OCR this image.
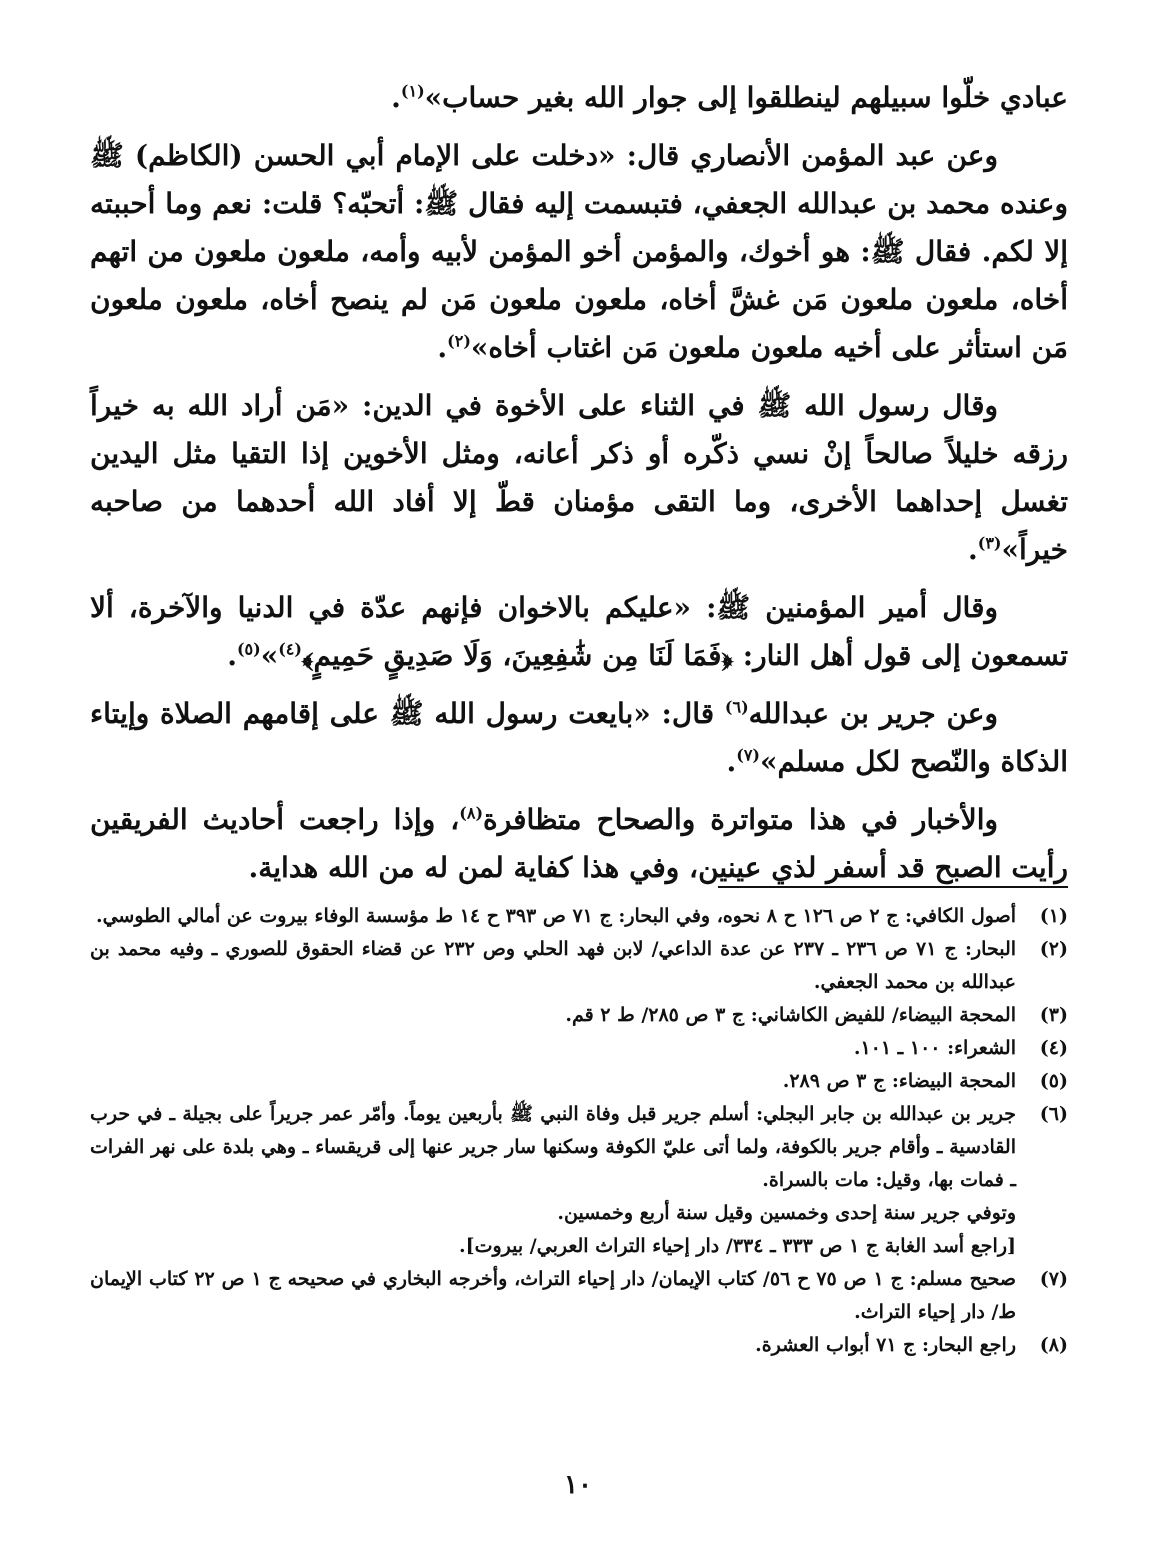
عبادي خلّوا سبيلهم لينطلقوا إلى جوار الله بغير حساب»$^{(١)}$.

وعن عبد المؤمن الأنصاري قال: «دخلت على الإمام أبي الحسن (الكاظم) ﷺ وعنده محمد بن عبدالله الجعفي، فتبسمت إليه فقال ﷺ: أتحبّه؟ قلت: نعم وما أحببته إلا لكم. فقال ﷺ: هو أخوك، والمؤمن أخو المؤمن لأبيه وأمه، ملعون ملعون من اتهم أخاه، ملعون ملعون مَن غشَّ أخاه، ملعون ملعون مَن لم ينصح أخاه، ملعون ملعون مَن استأثر على أخيه ملعون ملعون مَن اغتاب أخاه»$^{(٢)}$.

وقال رسول الله ﷺ في الثناء على الأخوة في الدين: «مَن أراد الله به خيراً رزقه خليلاً صالحاً إنْ نسي ذكّره أو ذكر أعانه، ومثل الأخوين إذا التقيا مثل اليدين تغسل إحداهما الأخرى، وما التقى مؤمنان قطّ إلا أفاد الله أحدهما من صاحبه خيراً»$^{(٣)}$.

وقال أمير المؤمنين ﷺ: «عليكم بالاخوان فإنهم عدّة في الدنيا والآخرة، ألا تسمعون إلى قول أهل النار: ﴿فَمَا لَنَا مِن شَٰفِعِينَ، وَلَا صَدِيقٍ حَمِيمٍ﴾$^{(٤)}$»$^{(٥)}$.

وعن جرير بن عبدالله$^{(٦)}$ قال: «بايعت رسول الله ﷺ على إقامهم الصلاة وإيتاء الذكاة والنّصح لكل مسلم»$^{(٧)}$.

والأخبار في هذا متواترة والصحاح متظافرة$^{(٨)}$، وإذا راجعت أحاديث الفريقين رأيت الصبح قد أسفر لذي عينين، وفي هذا كفاية لمن له من الله هداية.

(١)
أصول الكافي: ج ٢ ص ١٢٦ ح ٨ نحوه، وفي البحار: ج ٧١ ص ٣٩٣ ح ١٤ ط مؤسسة الوفاء بيروت عن أمالي الطوسي.
(٢)
البحار: ج ٧١ ص ٢٣٦ ـ ٢٣٧ عن عدة الداعي/ لابن فهد الحلي وص ٢٣٢ عن قضاء الحقوق للصوري ـ وفيه محمد بن عبدالله بن محمد الجعفي.
(٣)
المحجة البيضاء/ للفيض الكاشاني: ج ٣ ص ٢٨٥/ ط ٢ قم.
(٤)
الشعراء: ١٠٠ ـ ١٠١.
(٥)
المحجة البيضاء: ج ٣ ص ٢٨٩.
(٦)
جرير بن عبدالله بن جابر البجلي: أسلم جرير قبل وفاة النبي ﷺ بأربعين يوماً. وأمّر عمر جريراً على بجيلة ـ في حرب القادسية ـ وأقام جرير بالكوفة، ولما أتى عليّ الكوفة وسكنها سار جرير عنها إلى قريقساء ـ وهي بلدة على نهر الفرات ـ فمات بها، وقيل: مات بالسراة.
وتوفي جرير سنة إحدى وخمسين وقيل سنة أربع وخمسين.
[راجع أسد الغابة ج ١ ص ٣٣٣ ـ ٣٣٤/ دار إحياء التراث العربي/ بيروت].
(٧)
صحيح مسلم: ج ١ ص ٧٥ ح ٥٦/ كتاب الإيمان/ دار إحياء التراث، وأخرجه البخاري في صحيحه ج ١ ص ٢٢ كتاب الإيمان ط/ دار إحياء التراث.
(٨)
راجع البحار: ج ٧١ أبواب العشرة.
١٠
